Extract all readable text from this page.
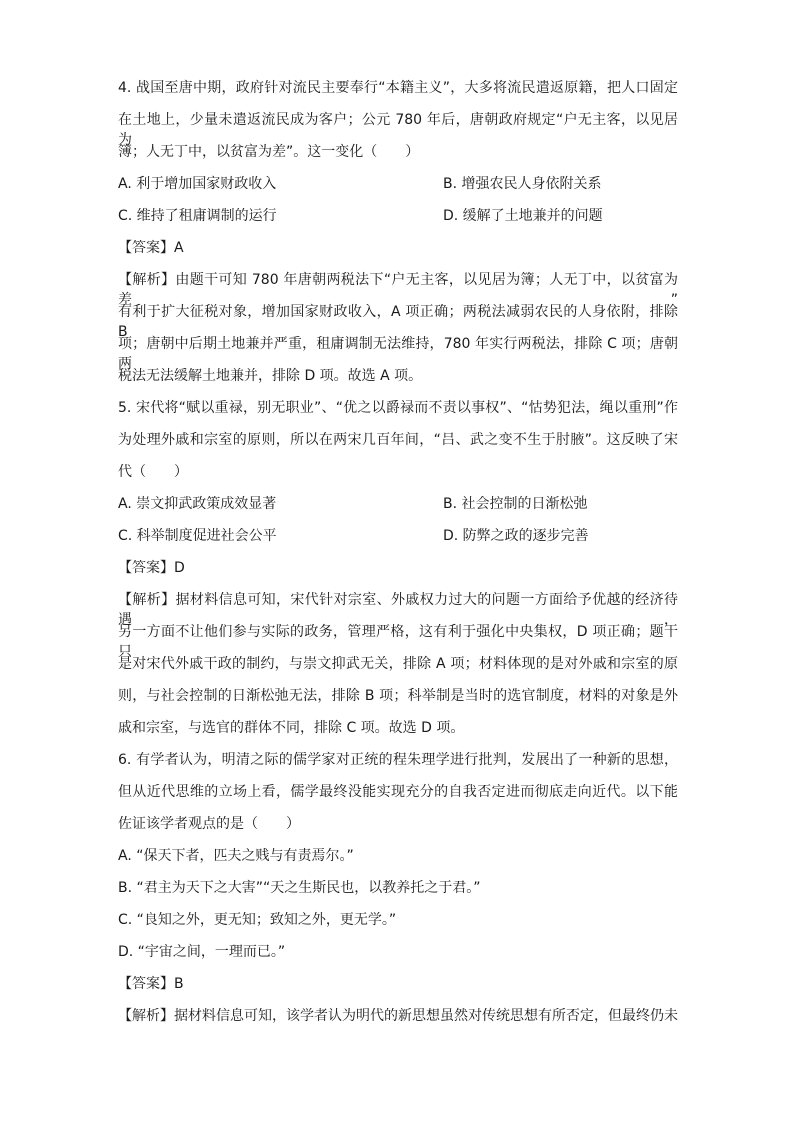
4. 战国至唐中期，政府针对流民主要奉行“本籍主义”，大多将流民遣返原籍，把人口固定
在土地上，少量未遣返流民成为客户；公元 780 年后，唐朝政府规定“户无主客，以见居为
簿；人无丁中，以贫富为差”。这一变化（　　）
A. 利于增加国家财政收入	B. 增强农民人身依附关系
C. 维持了租庸调制的运行	D. 缓解了土地兼并的问题
【答案】A
【解析】由题干可知 780 年唐朝两税法下“户无主客，以见居为簿；人无丁中，以贫富为差”
有利于扩大征税对象，增加国家财政收入，A 项正确；两税法减弱农民的人身依附，排除 B
项；唐朝中后期土地兼并严重，租庸调制无法维持，780 年实行两税法，排除 C 项；唐朝两
税法无法缓解土地兼并，排除 D 项。故选 A 项。
5. 宋代将“赋以重禄，别无职业”、“优之以爵禄而不责以事权”、“怙势犯法，绳以重刑”作
为处理外戚和宗室的原则，所以在两宋几百年间，“吕、武之变不生于肘腋”。这反映了宋
代（　　）
A. 崇文抑武政策成效显著	B. 社会控制的日渐松弛
C. 科举制度促进社会公平	D. 防弊之政的逐步完善
【答案】D
【解析】据材料信息可知，宋代针对宗室、外戚权力过大的问题一方面给予优越的经济待遇，
另一方面不让他们参与实际的政务，管理严格，这有利于强化中央集权，D 项正确；题干只
是对宋代外戚干政的制约，与崇文抑武无关，排除 A 项；材料体现的是对外戚和宗室的原
则，与社会控制的日渐松弛无法，排除 B 项；科举制是当时的选官制度，材料的对象是外
戚和宗室，与选官的群体不同，排除 C 项。故选 D 项。
6. 有学者认为，明清之际的儒学家对正统的程朱理学进行批判，发展出了一种新的思想，
但从近代思维的立场上看，儒学最终没能实现充分的自我否定进而彻底走向近代。以下能
佐证该学者观点的是（　　）
A. “保天下者，匹夫之贱与有责焉尔。”
B. “君主为天下之大害”“天之生斯民也，以教养托之于君。”
C. “良知之外，更无知；致知之外，更无学。”
D. “宇宙之间，一理而已。”
【答案】B
【解析】据材料信息可知，该学者认为明代的新思想虽然对传统思想有所否定，但最终仍未
